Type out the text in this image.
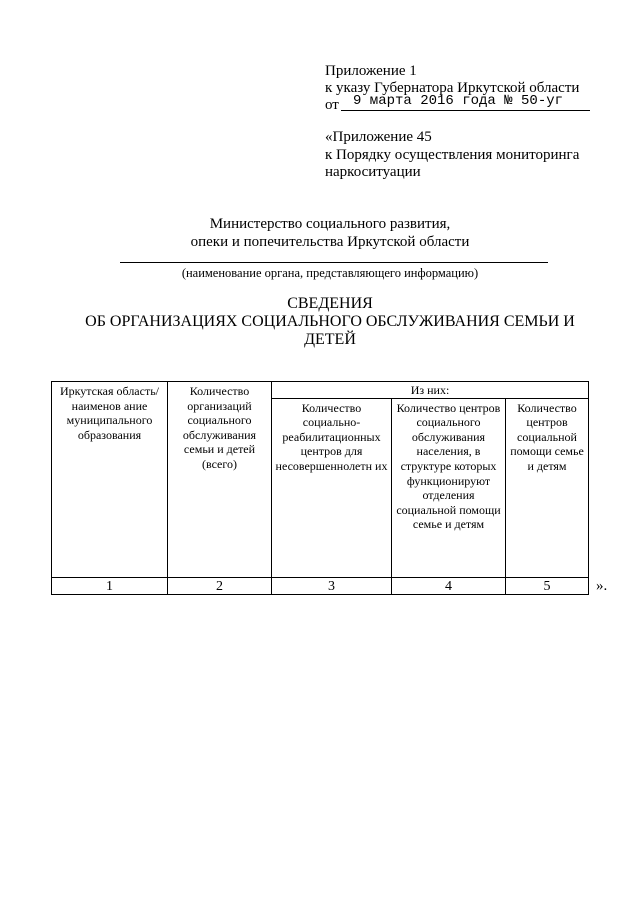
Приложение 1
к указу Губернатора Иркутской области
от 9 марта 2016 года № 50-уг
«Приложение 45
к Порядку осуществления мониторинга
наркоситуации
Министерство социального развития,
опеки и попечительства Иркутской области
(наименование органа, представляющего информацию)
СВЕДЕНИЯ
ОБ ОРГАНИЗАЦИЯХ СОЦИАЛЬНОГО ОБСЛУЖИВАНИЯ СЕМЬИ И
ДЕТЕЙ
Иркутская область/наименов ание муниципального образования	Количество организаций социального обслуживания семьи и детей (всего)	Из них:		
		Количество социально-реабилитационных центров для несовершеннолетн их	Количество центров социального обслуживания населения, в структуре которых функционируют отделения социальной помощи семье и детям	Количество центров социальной помощи семье и детям
1	2	3	4	5	».
